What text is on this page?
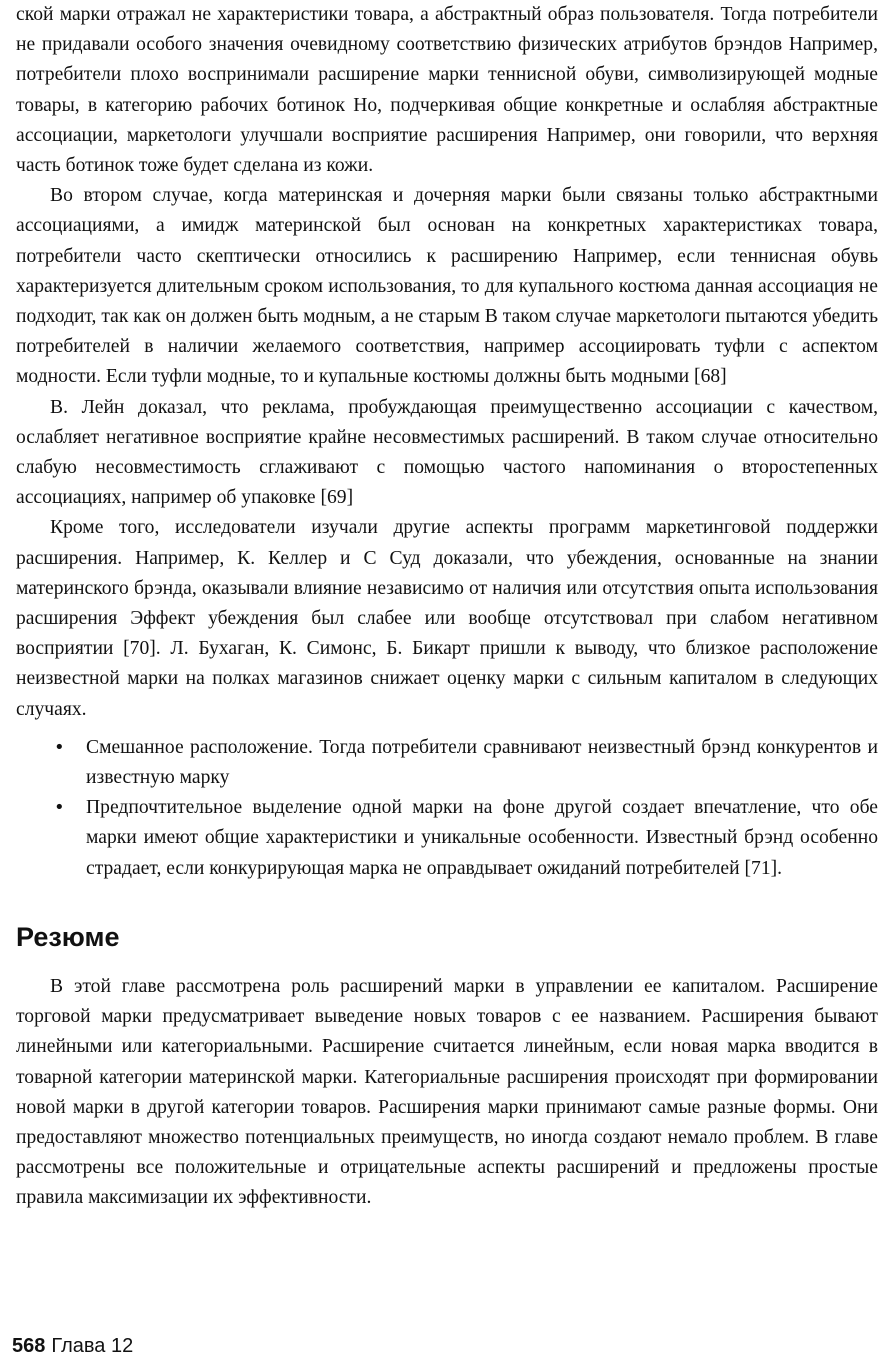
ской марки отражал не характеристики товара, а абстрактный образ пользователя. Тогда потребители не придавали особого значения очевидному соответствию физических атрибутов брэндов Например, потребители плохо воспринимали расширение марки теннисной обуви, символизирующей модные товары, в категорию рабочих ботинок Но, подчеркивая общие конкретные и ослабляя абстрактные ассоциации, маркетологи улучшали восприятие расширения Например, они говорили, что верхняя часть ботинок тоже будет сделана из кожи.

Во втором случае, когда материнская и дочерняя марки были связаны только абстрактными ассоциациями, а имидж материнской был основан на конкретных характеристиках товара, потребители часто скептически относились к расширению Например, если теннисная обувь характеризуется длительным сроком использования, то для купального костюма данная ассоциация не подходит, так как он должен быть модным, а не старым В таком случае маркетологи пытаются убедить потребителей в наличии желаемого соответствия, например ассоциировать туфли с аспектом модности. Если туфли модные, то и купальные костюмы должны быть модными [68]

В. Лейн доказал, что реклама, пробуждающая преимущественно ассоциации с качеством, ослабляет негативное восприятие крайне несовместимых расширений. В таком случае относительно слабую несовместимость сглаживают с помощью частого напоминания о второстепенных ассоциациях, например об упаковке [69]

Кроме того, исследователи изучали другие аспекты программ маркетинговой поддержки расширения. Например, К. Келлер и С Суд доказали, что убеждения, основанные на знании материнского брэнда, оказывали влияние независимо от наличия или отсутствия опыта использования расширения Эффект убеждения был слабее или вообще отсутствовал при слабом негативном восприятии [70]. Л. Бухаган, К. Симонс, Б. Бикарт пришли к выводу, что близкое расположение неизвестной марки на полках магазинов снижает оценку марки с сильным капиталом в следующих случаях.

• Смешанное расположение. Тогда потребители сравнивают неизвестный брэнд конкурентов и известную марку
• Предпочтительное выделение одной марки на фоне другой создает впечатление, что обе марки имеют общие характеристики и уникальные особенности. Известный брэнд особенно страдает, если конкурирующая марка не оправдывает ожиданий потребителей [71].
Резюме

В этой главе рассмотрена роль расширений марки в управлении ее капиталом. Расширение торговой марки предусматривает выведение новых товаров с ее названием. Расширения бывают линейными или категориальными. Расширение считается линейным, если новая марка вводится в товарной категории материнской марки. Категориальные расширения происходят при формировании новой марки в другой категории товаров. Расширения марки принимают самые разные формы. Они предоставляют множество потенциальных преимуществ, но иногда создают немало проблем. В главе рассмотрены все положительные и отрицательные аспекты расширений и предложены простые правила максимизации их эффективности.

568 Глава 12
